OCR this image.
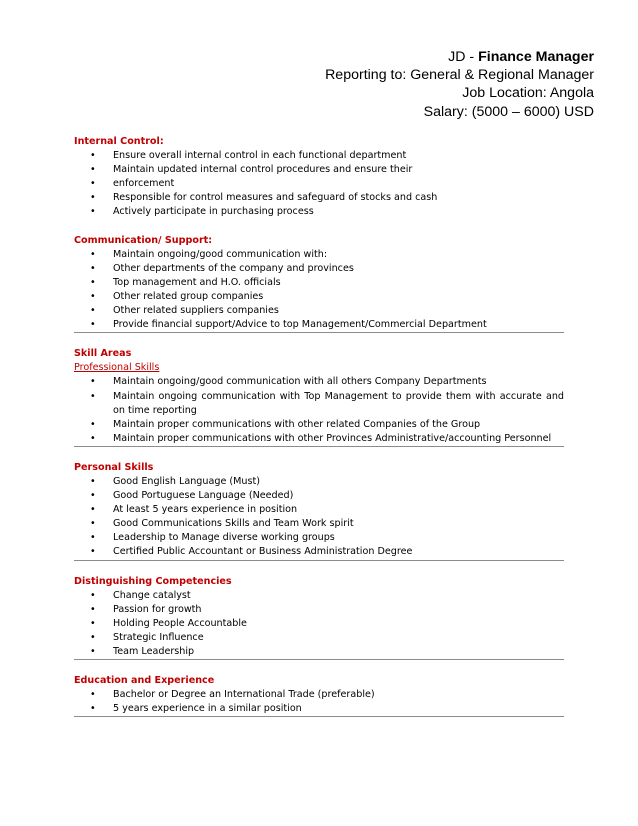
JD - Finance Manager
Reporting to: General & Regional Manager
Job Location: Angola
Salary: (5000 – 6000) USD
Internal Control:
• Ensure overall internal control in each functional department
• Maintain updated internal control procedures and ensure their
• enforcement
• Responsible for control measures and safeguard of stocks and cash
• Actively participate in purchasing process
Communication/ Support:
• Maintain ongoing/good communication with:
• Other departments of the company and provinces
• Top management and H.O. officials
• Other related group companies
• Other related suppliers companies
• Provide financial support/Advice to top Management/Commercial Department
Skill Areas
Professional Skills
• Maintain ongoing/good communication with all others Company Departments
• Maintain ongoing communication with Top Management to provide them with accurate and on time reporting
• Maintain proper communications with other related Companies of the Group
• Maintain proper communications with other Provinces Administrative/accounting Personnel
Personal Skills
• Good English Language (Must)
• Good Portuguese Language (Needed)
• At least 5 years experience in position
• Good Communications Skills and Team Work spirit
• Leadership to Manage diverse working groups
• Certified Public Accountant or Business Administration Degree
Distinguishing Competencies
• Change catalyst
• Passion for growth
• Holding People Accountable
• Strategic Influence
• Team Leadership
Education and Experience
• Bachelor or Degree an International Trade (preferable)
• 5 years experience in a similar position
